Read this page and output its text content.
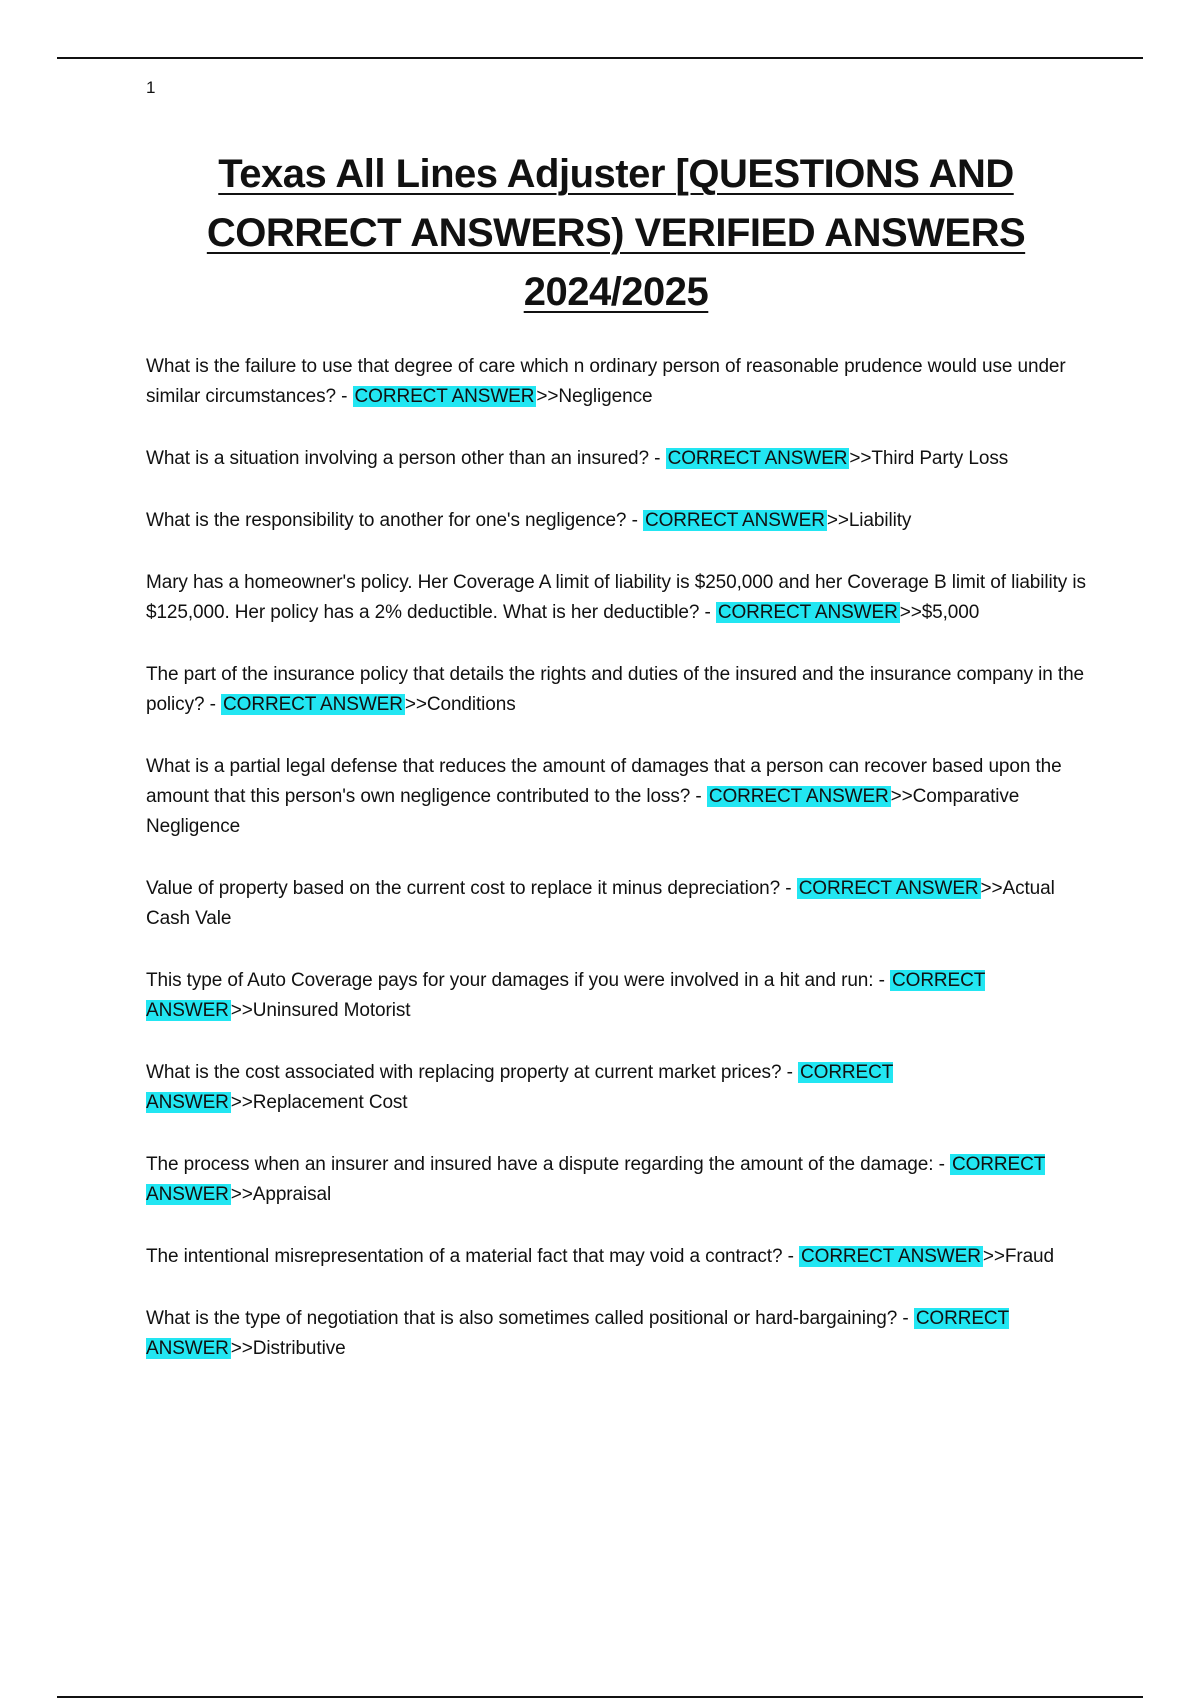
1
Texas All Lines Adjuster [QUESTIONS AND CORRECT ANSWERS) VERIFIED ANSWERS 2024/2025

What is the failure to use that degree of care which n ordinary person of reasonable prudence would use under similar circumstances? - CORRECT ANSWER >>Negligence

What is a situation involving a person other than an insured? - CORRECT ANSWER >>Third Party Loss

What is the responsibility to another for one's negligence? - CORRECT ANSWER >>Liability

Mary has a homeowner's policy. Her Coverage A limit of liability is $250,000 and her Coverage B limit of liability is $125,000. Her policy has a 2% deductible. What is her deductible? - CORRECT ANSWER >>$5,000

The part of the insurance policy that details the rights and duties of the insured and the insurance company in the policy? - CORRECT ANSWER >>Conditions

What is a partial legal defense that reduces the amount of damages that a person can recover based upon the amount that this person's own negligence contributed to the loss? - CORRECT ANSWER >>Comparative Negligence

Value of property based on the current cost to replace it minus depreciation? - CORRECT ANSWER >>Actual Cash Vale

This type of Auto Coverage pays for your damages if you were involved in a hit and run: - CORRECT ANSWER >>Uninsured Motorist

What is the cost associated with replacing property at current market prices? - CORRECT ANSWER >>Replacement Cost

The process when an insurer and insured have a dispute regarding the amount of the damage: - CORRECT ANSWER >>Appraisal

The intentional misrepresentation of a material fact that may void a contract? - CORRECT ANSWER >>Fraud

What is the type of negotiation that is also sometimes called positional or hard-bargaining? - CORRECT ANSWER >>Distributive
